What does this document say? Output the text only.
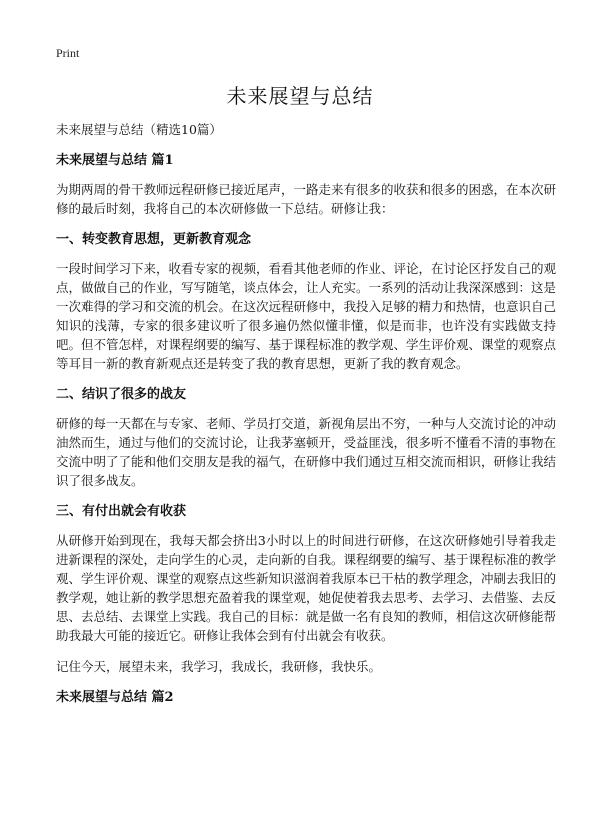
Print
未来展望与总结

未来展望与总结（精选10篇）

未来展望与总结 篇1

为期两周的骨干教师远程研修已接近尾声，一路走来有很多的收获和很多的困惑，在本次研修的最后时刻，我将自己的本次研修做一下总结。研修让我：

一、转变教育思想，更新教育观念

一段时间学习下来，收看专家的视频，看看其他老师的作业、评论，在讨论区抒发自己的观点，做做自己的作业，写写随笔，谈点体会，让人充实。一系列的活动让我深深感到：这是一次难得的学习和交流的机会。在这次远程研修中，我投入足够的精力和热情，也意识自己知识的浅薄，专家的很多建议听了很多遍仍然似懂非懂，似是而非，也许没有实践做支持吧。但不管怎样，对课程纲要的编写、基于课程标准的教学观、学生评价观、课堂的观察点等耳目一新的教育新观点还是转变了我的教育思想，更新了我的教育观念。

二、结识了很多的战友

研修的每一天都在与专家、老师、学员打交道，新视角层出不穷，一种与人交流讨论的冲动油然而生，通过与他们的交流讨论，让我茅塞顿开，受益匪浅，很多听不懂看不清的事物在交流中明了了能和他们交朋友是我的福气，在研修中我们通过互相交流而相识，研修让我结识了很多战友。

三、有付出就会有收获

从研修开始到现在，我每天都会挤出3小时以上的时间进行研修，在这次研修她引导着我走进新课程的深处，走向学生的心灵，走向新的自我。课程纲要的编写、基于课程标准的教学观、学生评价观、课堂的观察点这些新知识滋润着我原本已干枯的教学理念，冲刷去我旧的教学观，她让新的教学思想充盈着我的课堂观，她促使着我去思考、去学习、去借鉴、去反思、去总结、去课堂上实践。我自己的目标：就是做一名有良知的教师，相信这次研修能帮助我最大可能的接近它。研修让我体会到有付出就会有收获。

记住今天，展望未来，我学习，我成长，我研修，我快乐。

未来展望与总结 篇2
